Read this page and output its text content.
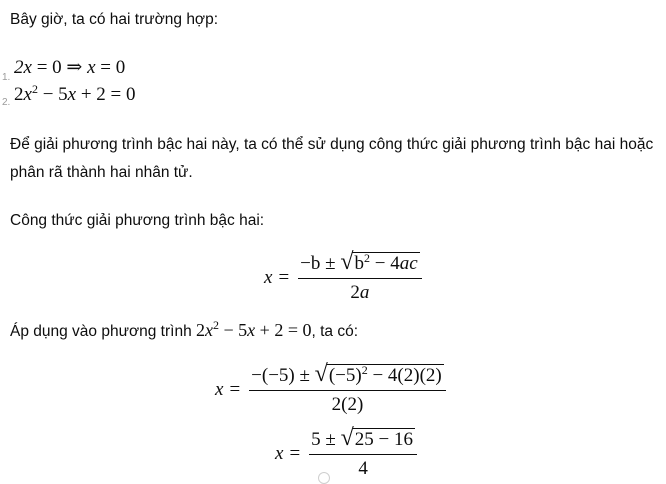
Bây giờ, ta có hai trường hợp:
1. 2x = 0 ⇒ x = 0
2. $2x^2 - 5x + 2 = 0$
Để giải phương trình bậc hai này, ta có thể sử dụng công thức giải phương trình bậc hai hoặc
phân rã thành hai nhân tử.
Công thức giải phương trình bậc hai:
$x = \frac{-b \pm √ b^2 - 4ac}{2a}$
Áp dụng vào phương trình $2x^2 - 5x + 2 = 0$, ta có:
$x = \frac{-(-5) \pm √ (-5)^2 - 4(2)(2)}{2(2)}$
$x = \frac{5 \pm √ 25 - 16}{4}$
